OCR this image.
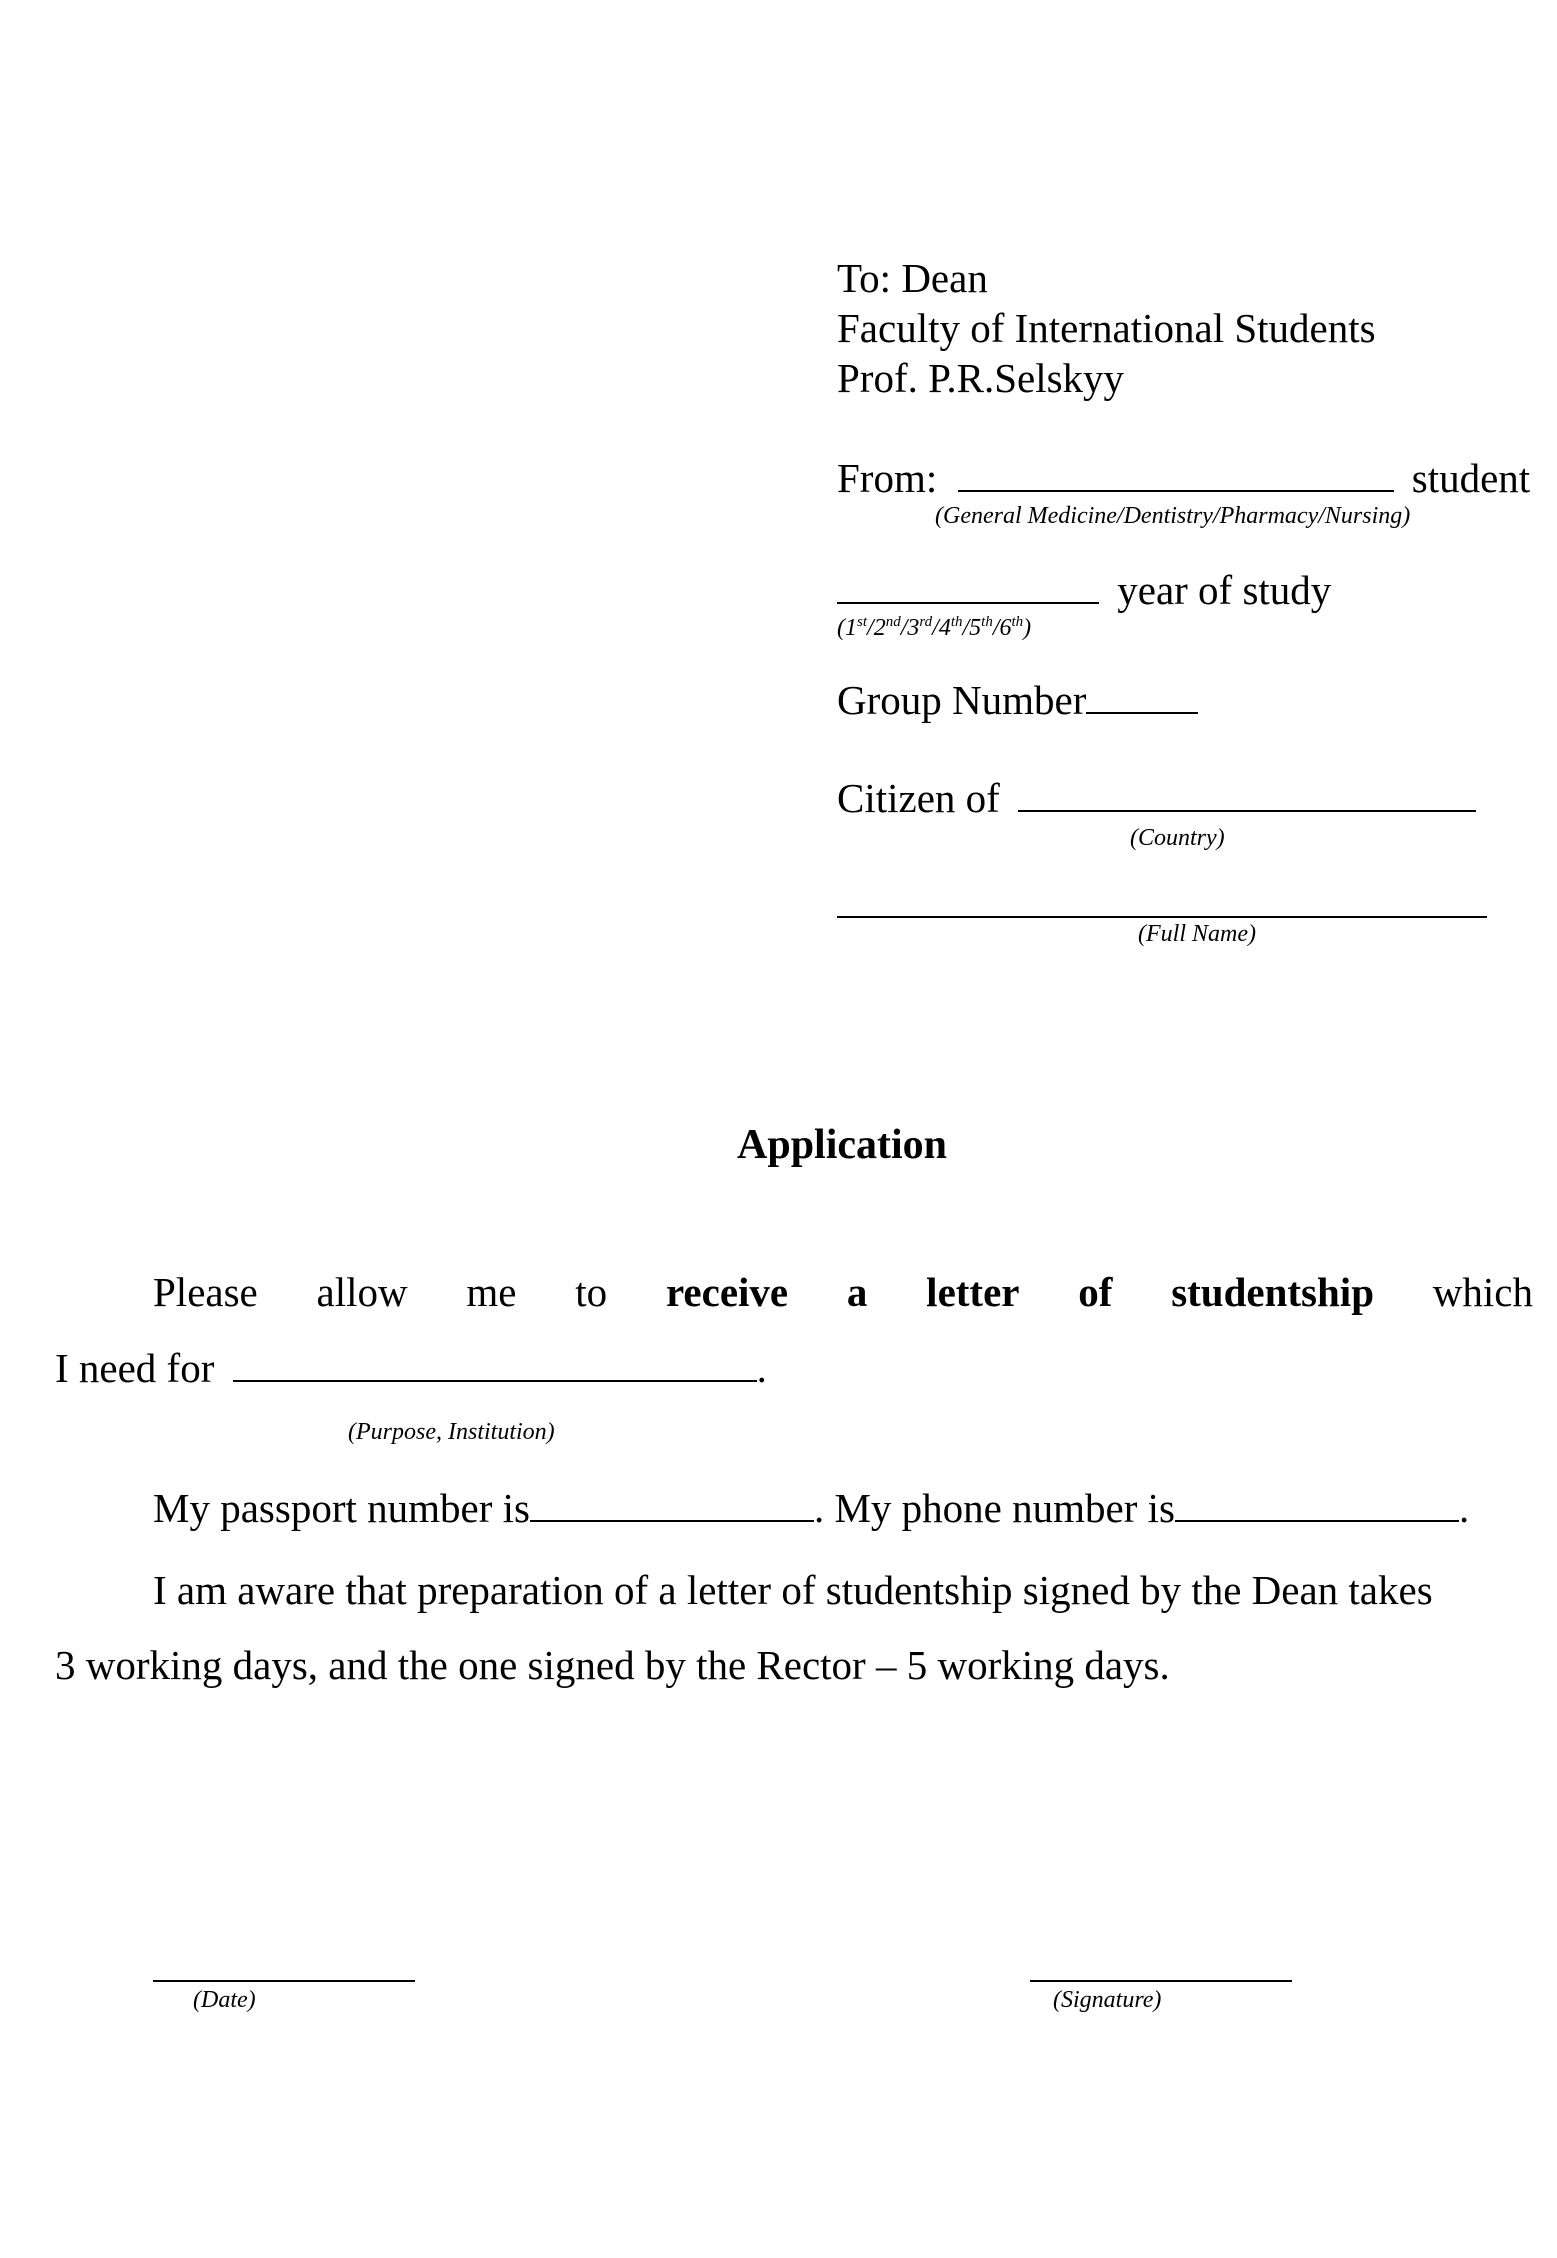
To: Dean
Faculty of International Students
Prof. P.R.Selskyy
From:	student
(General Medicine/Dentistry/Pharmacy/Nursing)
year of study
(1st/2nd/3rd/4th/5th/6th)
Group Number
Citizen of
(Country)
(Full Name)
Application
Please allow me to receive a letter of studentship which
I need for	.
(Purpose, Institution)
My passport number is	. My phone number is	.
I am aware that preparation of a letter of studentship signed by the Dean takes
3 working days, and the one signed by the Rector – 5 working days.
(Date)	(Signature)
